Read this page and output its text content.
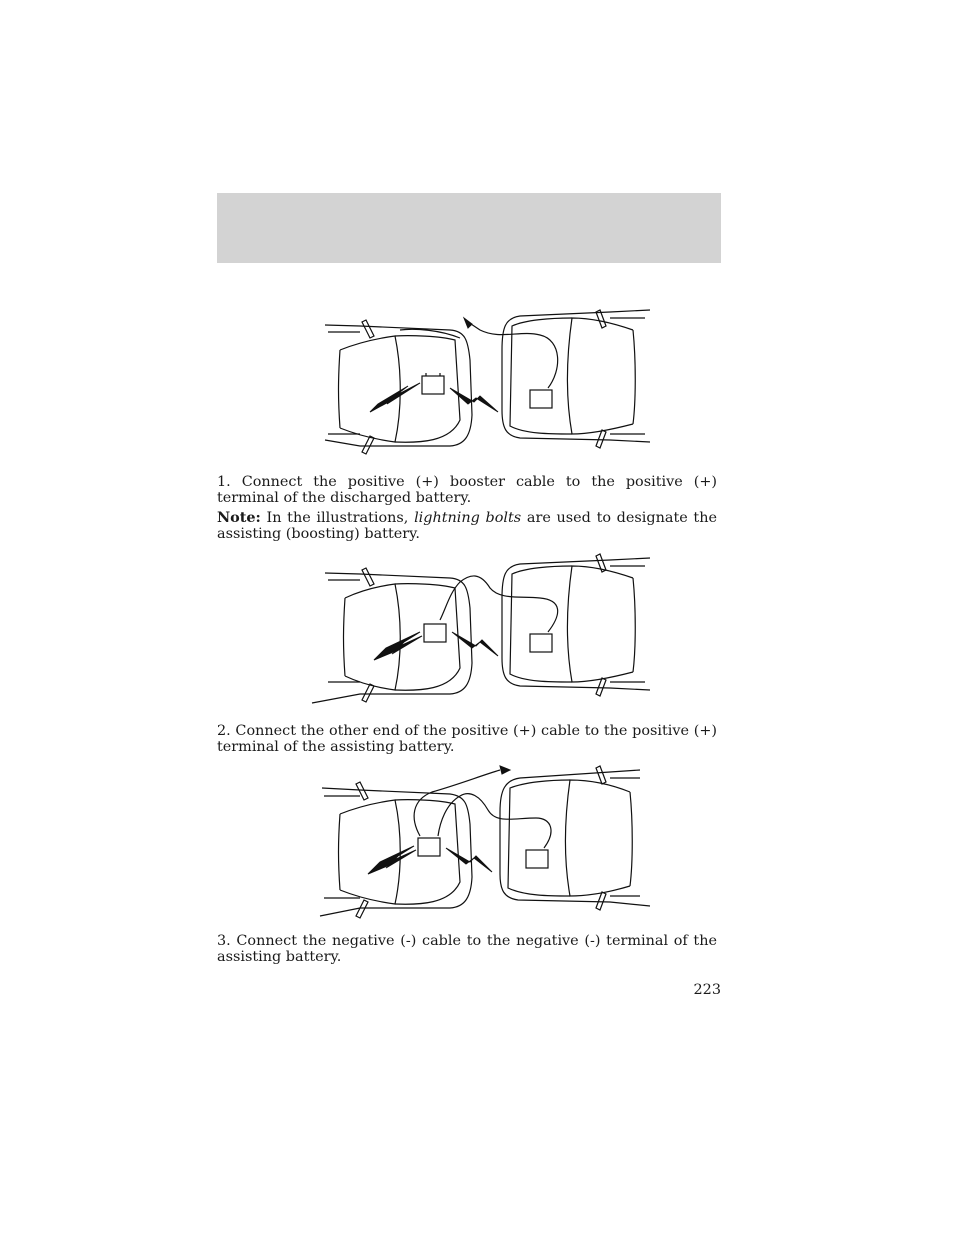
1. Connect the positive (+) booster cable to the positive (+) terminal of the discharged battery.

Note: In the illustrations, lightning bolts are used to designate the assisting (boosting) battery.

2. Connect the other end of the positive (+) cable to the positive (+) terminal of the assisting battery.

3. Connect the negative (-) cable to the negative (-) terminal of the assisting battery.

223
